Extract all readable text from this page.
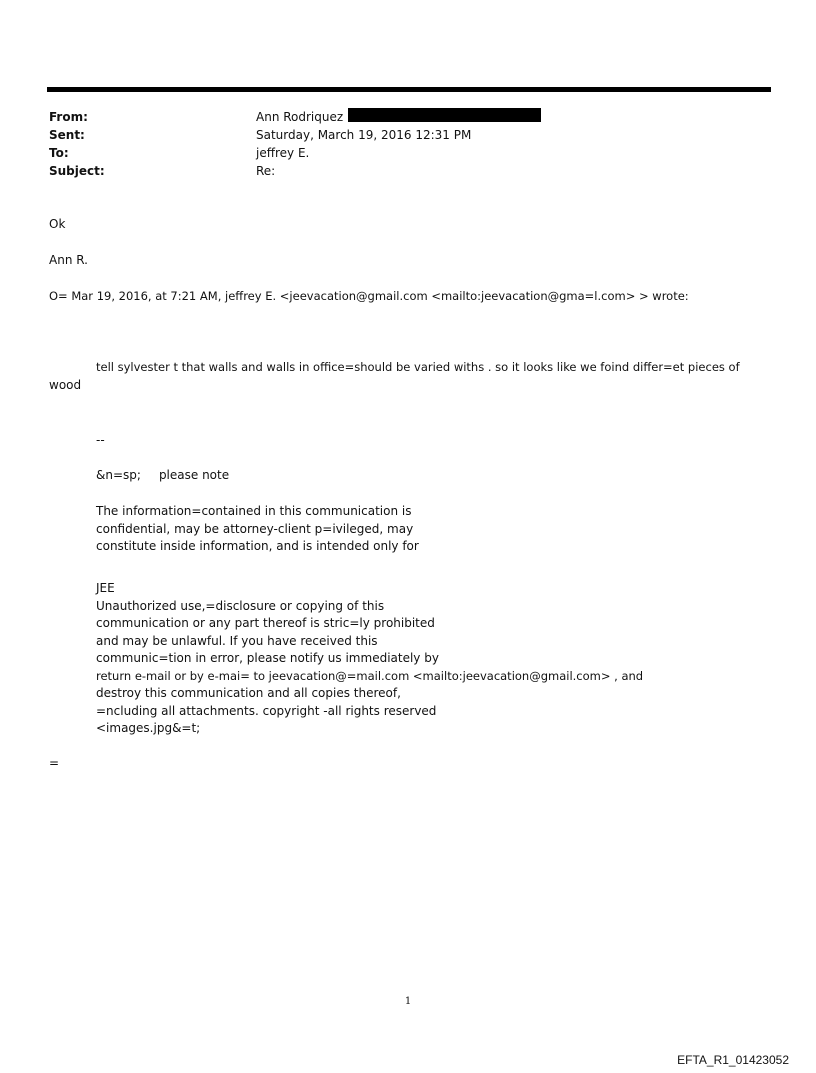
From:	Ann Rodriquez
Sent:	Saturday, March 19, 2016 12:31 PM
To:	jeffrey E.
Subject:	Re:
Ok
Ann R.
O= Mar 19, 2016, at 7:21 AM, jeffrey E. <jeevacation@gmail.com <mailto:jeevacation@gma=l.com> > wrote:
tell sylvester t that walls and walls in office=should be varied withs . so it looks like we foind differ=et pieces of
wood
--
&n=sp; please note
The information=contained in this communication is
confidential, may be attorney-client p=ivileged, may
constitute inside information, and is intended only for
JEE
Unauthorized use,=disclosure or copying of this
communication or any part thereof is stric=ly prohibited
and may be unlawful. If you have received this
communic=tion in error, please notify us immediately by
return e-mail or by e-mai= to jeevacation@=mail.com <mailto:jeevacation@gmail.com> , and
destroy this communication and all copies thereof,
=ncluding all attachments. copyright -all rights reserved
<images.jpg&=t;
=
1
EFTA_R1_01423052
